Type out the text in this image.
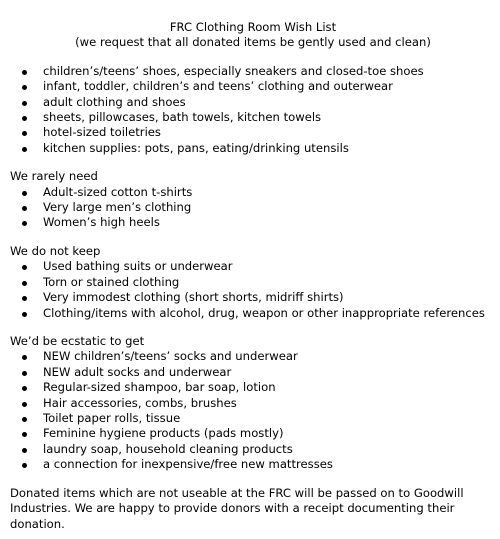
FRC Clothing Room Wish List

(we request that all donated items be gently used and clean)

children’s/teens’ shoes, especially sneakers and closed-toe shoes
infant, toddler, children’s and teens’ clothing and outerwear
adult clothing and shoes
sheets, pillowcases, bath towels, kitchen towels
hotel-sized toiletries
kitchen supplies: pots, pans, eating/drinking utensils

We rarely need

Adult-sized cotton t-shirts
Very large men’s clothing
Women’s high heels

We do not keep

Used bathing suits or underwear
Torn or stained clothing
Very immodest clothing (short shorts, midriff shirts)
Clothing/items with alcohol, drug, weapon or other inappropriate references

We’d be ecstatic to get

NEW children’s/teens’ socks and underwear
NEW adult socks and underwear
Regular-sized shampoo, bar soap, lotion
Hair accessories, combs, brushes
Toilet paper rolls, tissue
Feminine hygiene products (pads mostly)
laundry soap, household cleaning products
a connection for inexpensive/free new mattresses

Donated items which are not useable at the FRC will be passed on to Goodwill Industries. We are happy to provide donors with a receipt documenting their donation.
